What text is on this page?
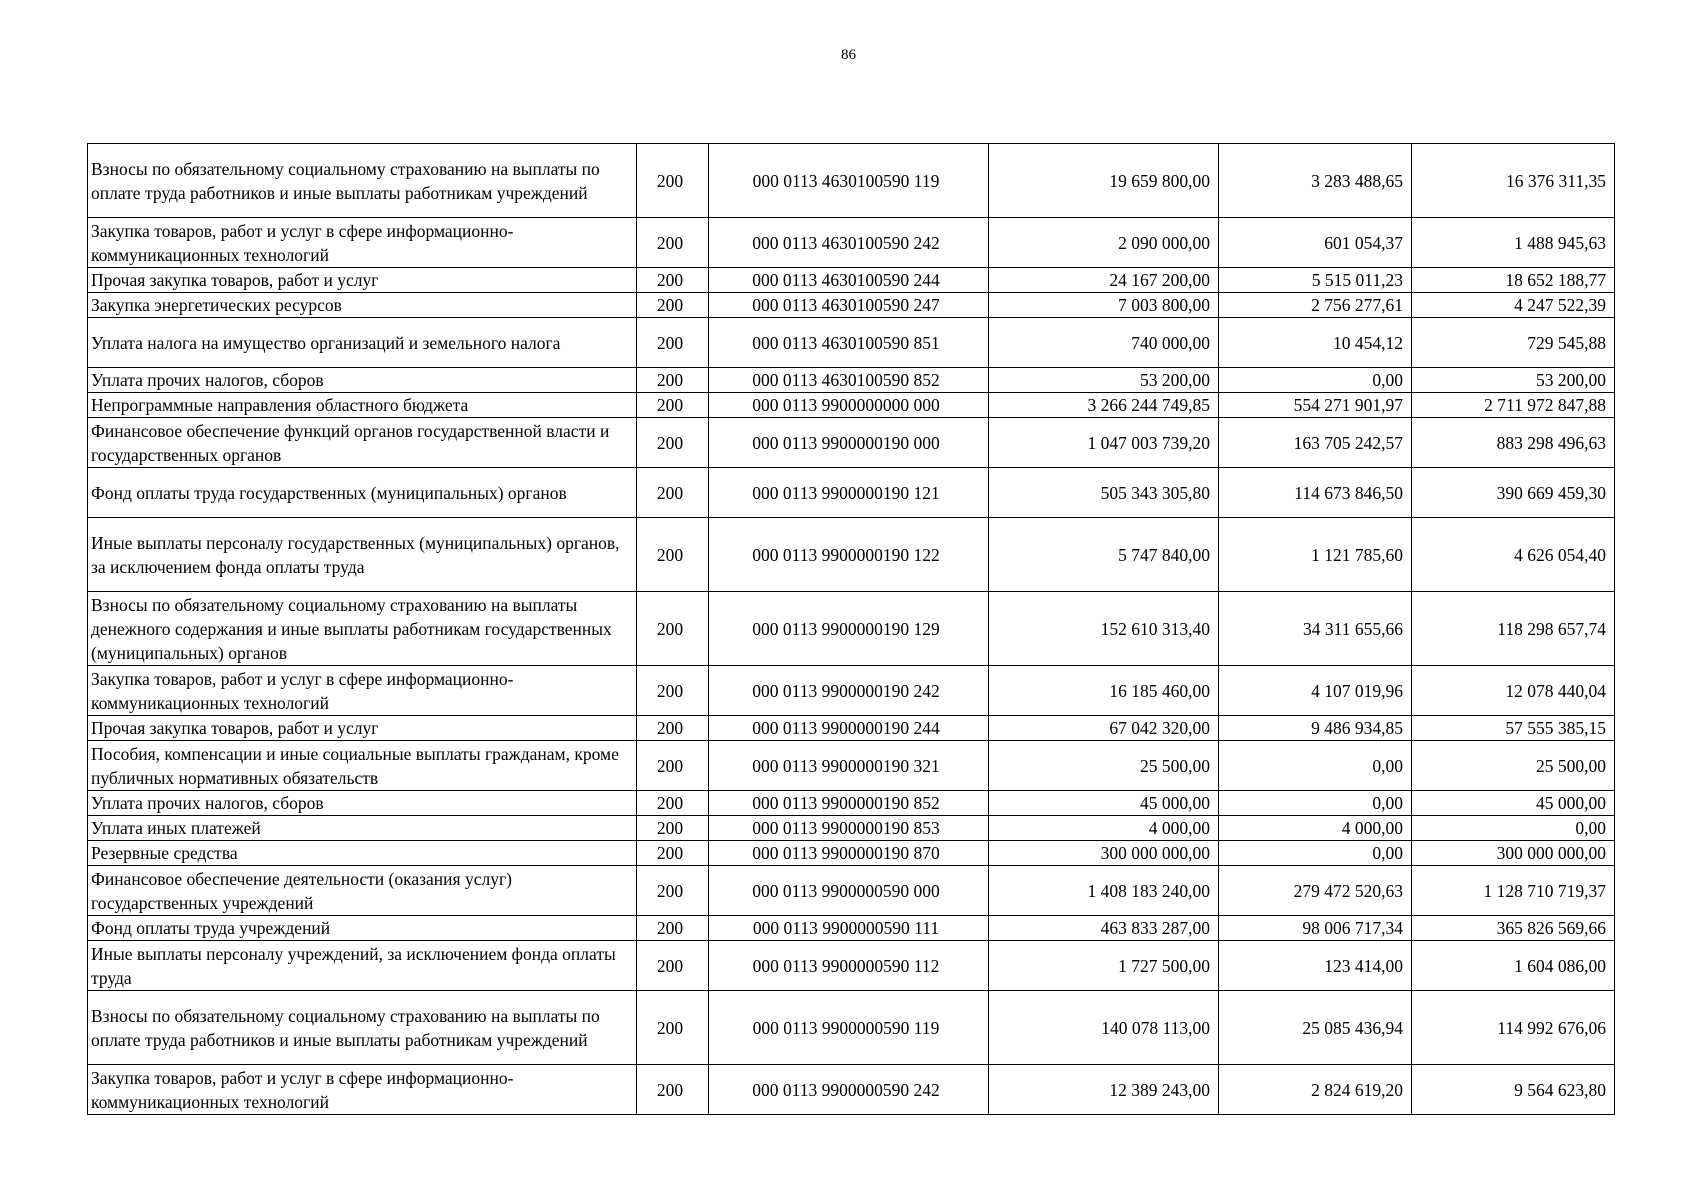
86
Взносы по обязательному социальному страхованию на выплаты по оплате труда работников и иные выплаты работникам учреждений	200	000 0113 4630100590 119	19 659 800,00	3 283 488,65	16 376 311,35
Закупка товаров, работ и услуг в сфере информационно-коммуникационных технологий	200	000 0113 4630100590 242	2 090 000,00	601 054,37	1 488 945,63
Прочая закупка товаров, работ и услуг	200	000 0113 4630100590 244	24 167 200,00	5 515 011,23	18 652 188,77
Закупка энергетических ресурсов	200	000 0113 4630100590 247	7 003 800,00	2 756 277,61	4 247 522,39
Уплата налога на имущество организаций и земельного налога	200	000 0113 4630100590 851	740 000,00	10 454,12	729 545,88
Уплата прочих налогов, сборов	200	000 0113 4630100590 852	53 200,00	0,00	53 200,00
Непрограммные направления областного бюджета	200	000 0113 9900000000 000	3 266 244 749,85	554 271 901,97	2 711 972 847,88
Финансовое обеспечение функций органов государственной власти и государственных органов	200	000 0113 9900000190 000	1 047 003 739,20	163 705 242,57	883 298 496,63
Фонд оплаты труда государственных (муниципальных) органов	200	000 0113 9900000190 121	505 343 305,80	114 673 846,50	390 669 459,30
Иные выплаты персоналу государственных (муниципальных) органов, за исключением фонда оплаты труда	200	000 0113 9900000190 122	5 747 840,00	1 121 785,60	4 626 054,40
Взносы по обязательному социальному страхованию на выплаты денежного содержания и иные выплаты работникам государственных (муниципальных) органов	200	000 0113 9900000190 129	152 610 313,40	34 311 655,66	118 298 657,74
Закупка товаров, работ и услуг в сфере информационно-коммуникационных технологий	200	000 0113 9900000190 242	16 185 460,00	4 107 019,96	12 078 440,04
Прочая закупка товаров, работ и услуг	200	000 0113 9900000190 244	67 042 320,00	9 486 934,85	57 555 385,15
Пособия, компенсации и иные социальные выплаты гражданам, кроме публичных нормативных обязательств	200	000 0113 9900000190 321	25 500,00	0,00	25 500,00
Уплата прочих налогов, сборов	200	000 0113 9900000190 852	45 000,00	0,00	45 000,00
Уплата иных платежей	200	000 0113 9900000190 853	4 000,00	4 000,00	0,00
Резервные средства	200	000 0113 9900000190 870	300 000 000,00	0,00	300 000 000,00
Финансовое обеспечение деятельности (оказания услуг) государственных учреждений	200	000 0113 9900000590 000	1 408 183 240,00	279 472 520,63	1 128 710 719,37
Фонд оплаты труда учреждений	200	000 0113 9900000590 111	463 833 287,00	98 006 717,34	365 826 569,66
Иные выплаты персоналу учреждений, за исключением фонда оплаты труда	200	000 0113 9900000590 112	1 727 500,00	123 414,00	1 604 086,00
Взносы по обязательному социальному страхованию на выплаты по оплате труда работников и иные выплаты работникам учреждений	200	000 0113 9900000590 119	140 078 113,00	25 085 436,94	114 992 676,06
Закупка товаров, работ и услуг в сфере информационно-коммуникационных технологий	200	000 0113 9900000590 242	12 389 243,00	2 824 619,20	9 564 623,80
